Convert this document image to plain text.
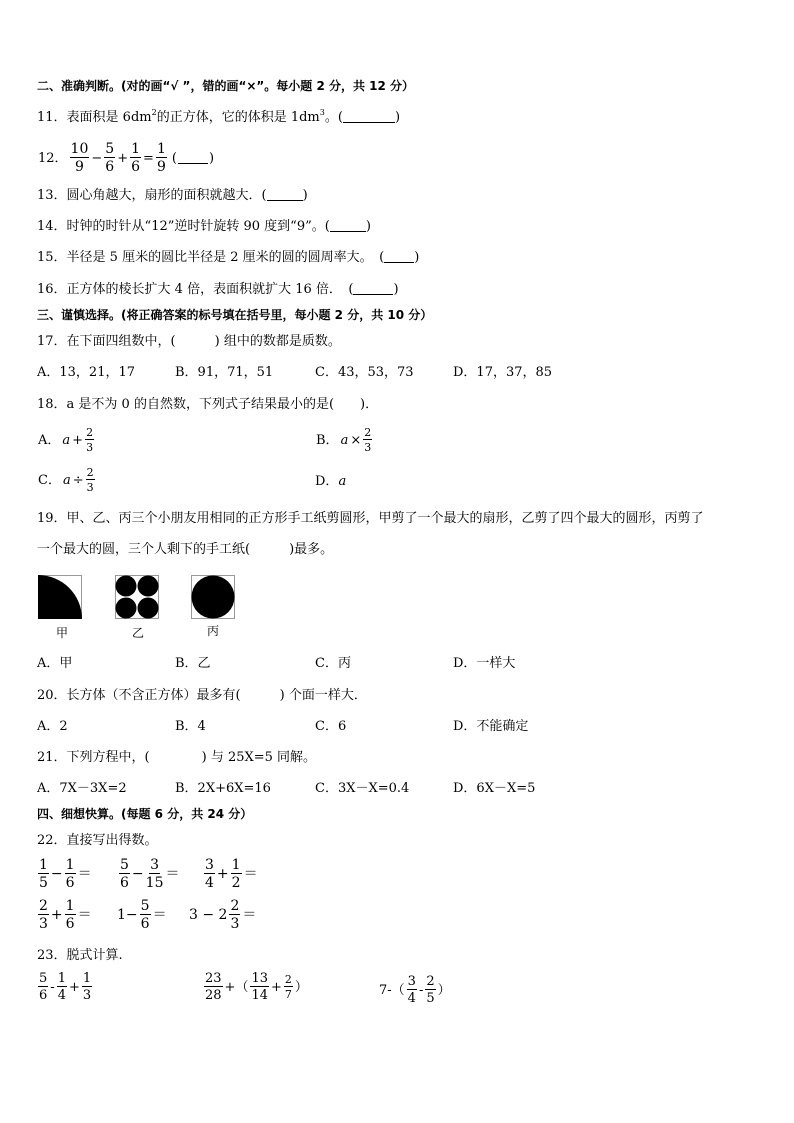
二、准确判断。(对的画“√ ”，错的画“×”。每小题 2 分，共 12 分）
11．表面积是 $6dm^2$的正方体，它的体积是 $1dm^3$。(	)
12． $\frac{10}{9} - \frac{5}{6} + \frac{1}{6} = \frac{1}{9}$ ( )
13．圆心角越大，扇形的面积就越大．(	)
14．时钟的时针从“12”逆时针旋转 90 度到“9”。(	)
15．半径是 5 厘米的圆比半径是 2 厘米的圆的圆周率大。　( )
16．正方体的棱长扩大 4 倍，表面积就扩大 16 倍．　(	)
三、谨慎选择。(将正确答案的标号填在括号里，每小题 2 分，共 10 分）
17．在下面四组数中，(　　　) 组中的数都是质数。
A．13，21，17	B．91，71，51	C．43，53，73	D．17，37，85
18．a 是不为 0 的自然数，下列式子结果最小的是(　　)．
A． $a + \frac{2}{3}$	B． $a \times \frac{2}{3}$
C． $a \div \frac{2}{3}$	D．a
19．甲、乙、丙三个小朋友用相同的正方形手工纸剪圆形，甲剪了一个最大的扇形，乙剪了四个最大的圆形，丙剪了
一个最大的圆，三个人剩下的手工纸(　　　)最多。
甲	乙	丙
A．甲	B．乙	C．丙	D．一样大
20．长方体（不含正方体）最多有(　　　) 个面一样大．
A．2	B．4	C．6	D．不能确定
21．下列方程中，(　　　　) 与 25X=5 同解。
A．7X－3X=2	B．2X+6X=16	C．3X－X=0.4	D．6X－X=5
四、细想快算。(每题 6 分，共 24 分）
22．直接写出得数。
$\frac{1}{5} - \frac{1}{6} = \frac{5}{6} - \frac{3}{15} = \frac{3}{4} + \frac{1}{2}$ ＝
$\frac{2}{3} + \frac{1}{6} = 1- \frac{5}{6} = 3 - 2 \frac{2}{3}$ ＝
23．脱式计算.
$\frac{5}{6} - \frac{1}{4} + \frac{1}{3}$	$\frac{23}{28}$ +（ $\frac{13}{14} + \frac{2}{7}$ ）	$7-( \frac{3}{4} - \frac{2}{5}$ ）
